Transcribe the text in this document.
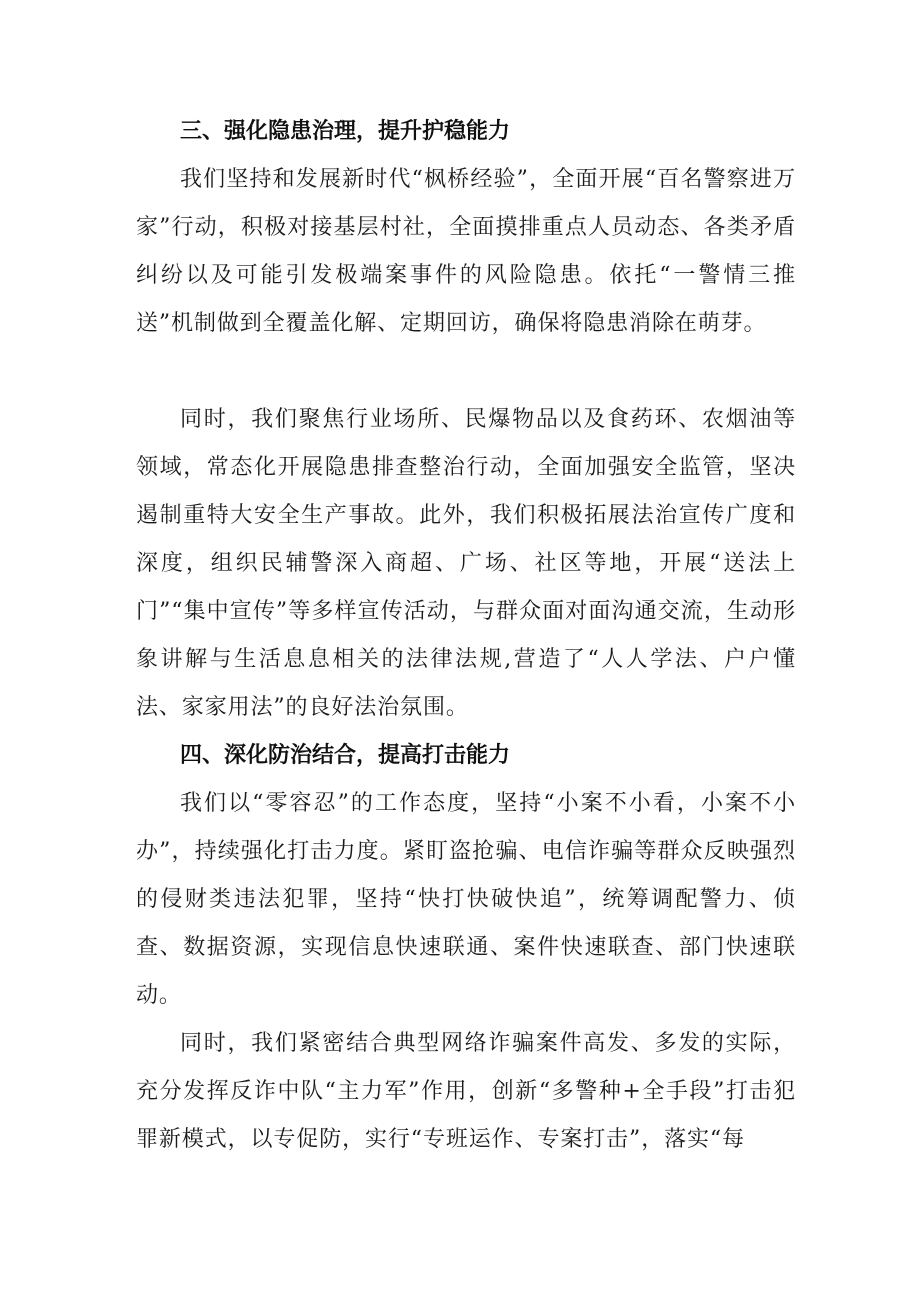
三、强化隐患治理，提升护稳能力

我们坚持和发展新时代“枫桥经验”，全面开展“百名警察进万家”行动，积极对接基层村社，全面摸排重点人员动态、各类矛盾纠纷以及可能引发极端案事件的风险隐患。依托“一警情三推送”机制做到全覆盖化解、定期回访，确保将隐患消除在萌芽。

同时，我们聚焦行业场所、民爆物品以及食药环、农烟油等领域，常态化开展隐患排查整治行动，全面加强安全监管，坚决遏制重特大安全生产事故。此外，我们积极拓展法治宣传广度和深度，组织民辅警深入商超、广场、社区等地，开展“送法上门”“集中宣传”等多样宣传活动，与群众面对面沟通交流，生动形象讲解与生活息息相关的法律法规,营造了“人人学法、户户懂法、家家用法”的良好法治氛围。

四、深化防治结合，提高打击能力

我们以“零容忍”的工作态度，坚持“小案不小看，小案不小办”，持续强化打击力度。紧盯盗抢骗、电信诈骗等群众反映强烈的侵财类违法犯罪，坚持“快打快破快追”，统筹调配警力、侦查、数据资源，实现信息快速联通、案件快速联查、部门快速联动。

同时，我们紧密结合典型网络诈骗案件高发、多发的实际，充分发挥反诈中队“主力军”作用，创新“多警种+全手段”打击犯罪新模式，以专促防，实行“专班运作、专案打击”，落实“每
